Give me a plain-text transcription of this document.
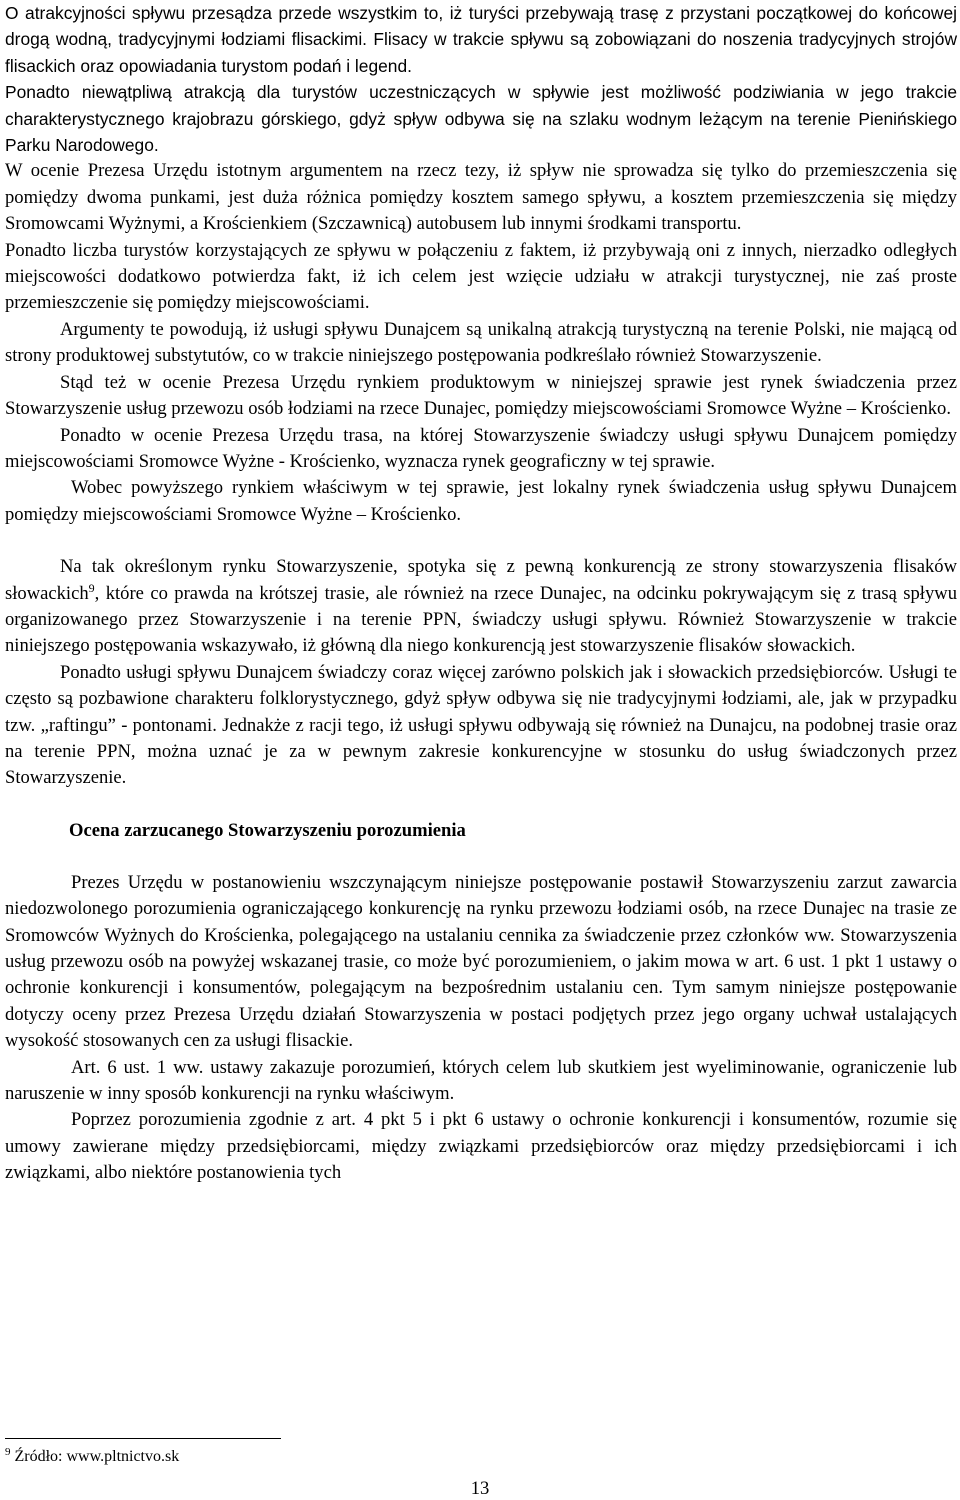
O atrakcyjności spływu przesądza przede wszystkim to, iż turyści przebywają trasę z przystani początkowej do końcowej drogą wodną, tradycyjnymi łodziami flisackimi. Flisacy w trakcie spływu są zobowiązani do noszenia tradycyjnych strojów flisackich oraz opowiadania turystom podań i legend.

Ponadto niewątpliwą atrakcją dla turystów uczestniczących w spływie jest możliwość podziwiania w jego trakcie charakterystycznego krajobrazu górskiego, gdyż spływ odbywa się na szlaku wodnym leżącym na terenie Pienińskiego Parku Narodowego.

W ocenie Prezesa Urzędu istotnym argumentem na rzecz tezy, iż spływ nie sprowadza się tylko do przemieszczenia się pomiędzy dwoma punkami, jest duża różnica pomiędzy kosztem samego spływu, a kosztem przemieszczenia się między Sromowcami Wyżnymi, a Krościenkiem (Szczawnicą) autobusem lub innymi środkami transportu.

Ponadto liczba turystów korzystających ze spływu w połączeniu z faktem, iż przybywają oni z innych, nierzadko odległych miejscowości dodatkowo potwierdza fakt, iż ich celem jest wzięcie udziału w atrakcji turystycznej, nie zaś proste przemieszczenie się pomiędzy miejscowościami.

Argumenty te powodują, iż usługi spływu Dunajcem są unikalną atrakcją turystyczną na terenie Polski, nie mającą od strony produktowej substytutów, co w trakcie niniejszego postępowania podkreślało również Stowarzyszenie.

Stąd też w ocenie Prezesa Urzędu rynkiem produktowym w niniejszej sprawie jest rynek świadczenia przez Stowarzyszenie usług przewozu osób łodziami na rzece Dunajec, pomiędzy miejscowościami Sromowce Wyżne – Krościenko.

Ponadto w ocenie Prezesa Urzędu trasa, na której Stowarzyszenie świadczy usługi spływu Dunajcem pomiędzy miejscowościami Sromowce Wyżne - Krościenko, wyznacza rynek geograficzny w tej sprawie.

Wobec powyższego rynkiem właściwym w tej sprawie, jest lokalny rynek świadczenia usług spływu Dunajcem pomiędzy miejscowościami Sromowce Wyżne – Krościenko.

Na tak określonym rynku Stowarzyszenie, spotyka się z pewną konkurencją ze strony stowarzyszenia flisaków słowackich$^9$, które co prawda na krótszej trasie, ale również na rzece Dunajec, na odcinku pokrywającym się z trasą spływu organizowanego przez Stowarzyszenie i na terenie PPN, świadczy usługi spływu. Również Stowarzyszenie w trakcie niniejszego postępowania wskazywało, iż główną dla niego konkurencją jest stowarzyszenie flisaków słowackich.

Ponadto usługi spływu Dunajcem świadczy coraz więcej zarówno polskich jak i słowackich przedsiębiorców. Usługi te często są pozbawione charakteru folklorystycznego, gdyż spływ odbywa się nie tradycyjnymi łodziami, ale, jak w przypadku tzw. „raftingu” - pontonami. Jednakże z racji tego, iż usługi spływu odbywają się również na Dunajcu, na podobnej trasie oraz na terenie PPN, można uznać je za w pewnym zakresie konkurencyjne w stosunku do usług świadczonych przez Stowarzyszenie.

Ocena zarzucanego Stowarzyszeniu porozumienia

Prezes Urzędu w postanowieniu wszczynającym niniejsze postępowanie postawił Stowarzyszeniu zarzut zawarcia niedozwolonego porozumienia ograniczającego konkurencję na rynku przewozu łodziami osób, na rzece Dunajec na trasie ze Sromowców Wyżnych do Krościenka, polegającego na ustalaniu cennika za świadczenie przez członków ww. Stowarzyszenia usług przewozu osób na powyżej wskazanej trasie, co może być porozumieniem, o jakim mowa w art. 6 ust. 1 pkt 1 ustawy o ochronie konkurencji i konsumentów, polegającym na bezpośrednim ustalaniu cen. Tym samym niniejsze postępowanie dotyczy oceny przez Prezesa Urzędu działań Stowarzyszenia w postaci podjętych przez jego organy uchwał ustalających wysokość stosowanych cen za usługi flisackie.

Art. 6 ust. 1 ww. ustawy zakazuje porozumień, których celem lub skutkiem jest wyeliminowanie, ograniczenie lub naruszenie w inny sposób konkurencji na rynku właściwym.

Poprzez porozumienia zgodnie z art. 4 pkt 5 i pkt 6 ustawy o ochronie konkurencji i konsumentów, rozumie się umowy zawierane między przedsiębiorcami, między związkami przedsiębiorców oraz między przedsiębiorcami i ich związkami, albo niektóre postanowienia tych

$^9$ Źródło: www.pltnictvo.sk
13
